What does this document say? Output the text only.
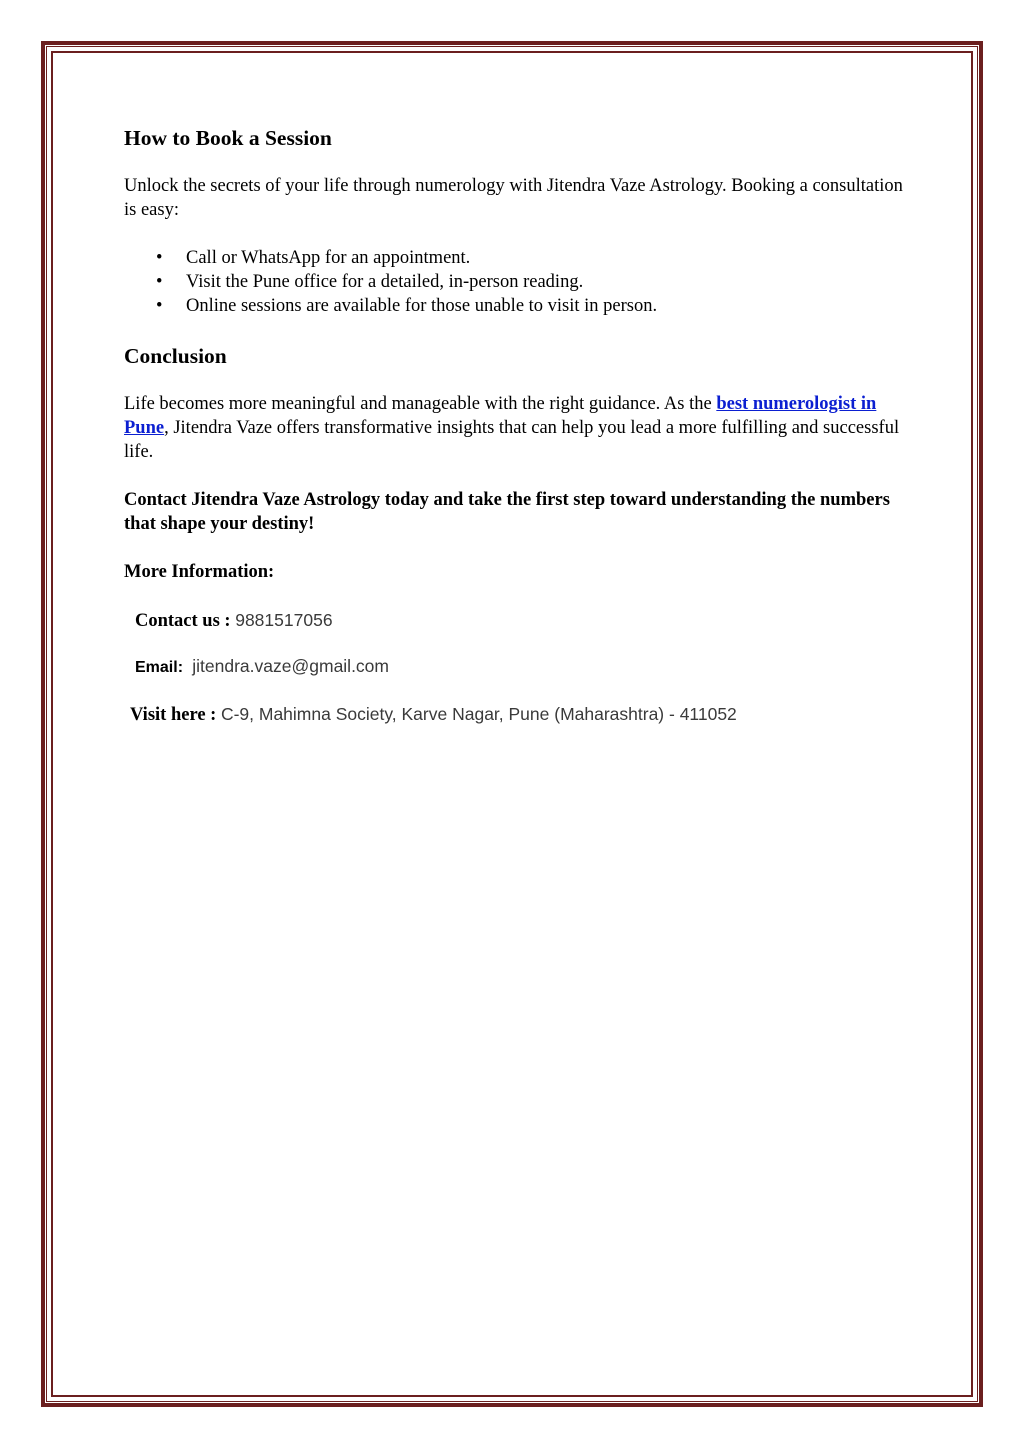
How to Book a Session

Unlock the secrets of your life through numerology with Jitendra Vaze Astrology. Booking a consultation is easy:

• Call or WhatsApp for an appointment.
• Visit the Pune office for a detailed, in-person reading.
• Online sessions are available for those unable to visit in person.
Conclusion

Life becomes more meaningful and manageable with the right guidance. As the best numerologist in Pune, Jitendra Vaze offers transformative insights that can help you lead a more fulfilling and successful life.

Contact Jitendra Vaze Astrology today and take the first step toward understanding the numbers that shape your destiny!

More Information:

Contact us : 9881517056

Email: jitendra.vaze@gmail.com

Visit here : C-9, Mahimna Society, Karve Nagar, Pune (Maharashtra) - 411052
